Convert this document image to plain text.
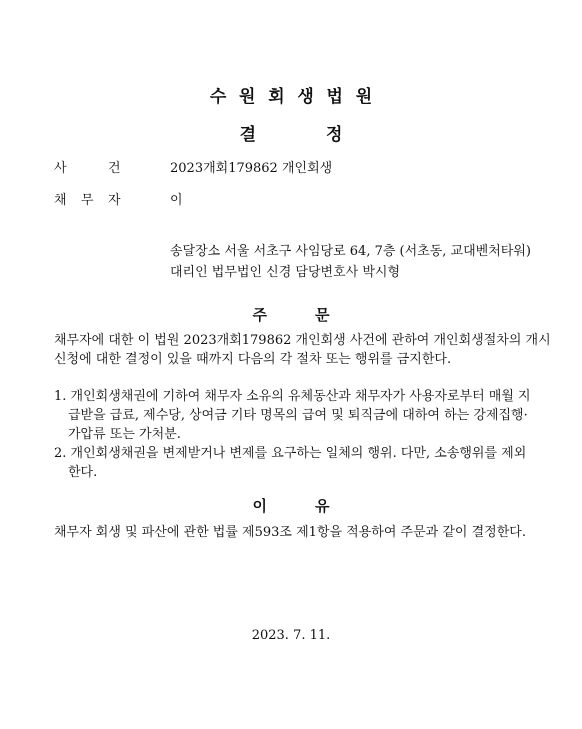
수원회생법원
결	정
사	건	2023개회179862 개인회생
채 무 자	이
송달장소 서울 서초구 사임당로 64, 7층 (서초동, 교대벤처타워)
대리인 법무법인 신경 담당변호사 박시형
주	문
채무자에 대한 이 법원 2023개회179862 개인회생 사건에 관하여 개인회생절차의 개시
신청에 대한 결정이 있을 때까지 다음의 각 절차 또는 행위를 금지한다.
1. 개인회생채권에 기하여 채무자 소유의 유체동산과 채무자가 사용자로부터 매월 지
급받을 급료, 제수당, 상여금 기타 명목의 급여 및 퇴직금에 대하여 하는 강제집행·
가압류 또는 가처분.
2. 개인회생채권을 변제받거나 변제를 요구하는 일체의 행위. 다만, 소송행위를 제외
한다.
이	유
채무자 회생 및 파산에 관한 법률 제593조 제1항을 적용하여 주문과 같이 결정한다.
2023. 7. 11.
